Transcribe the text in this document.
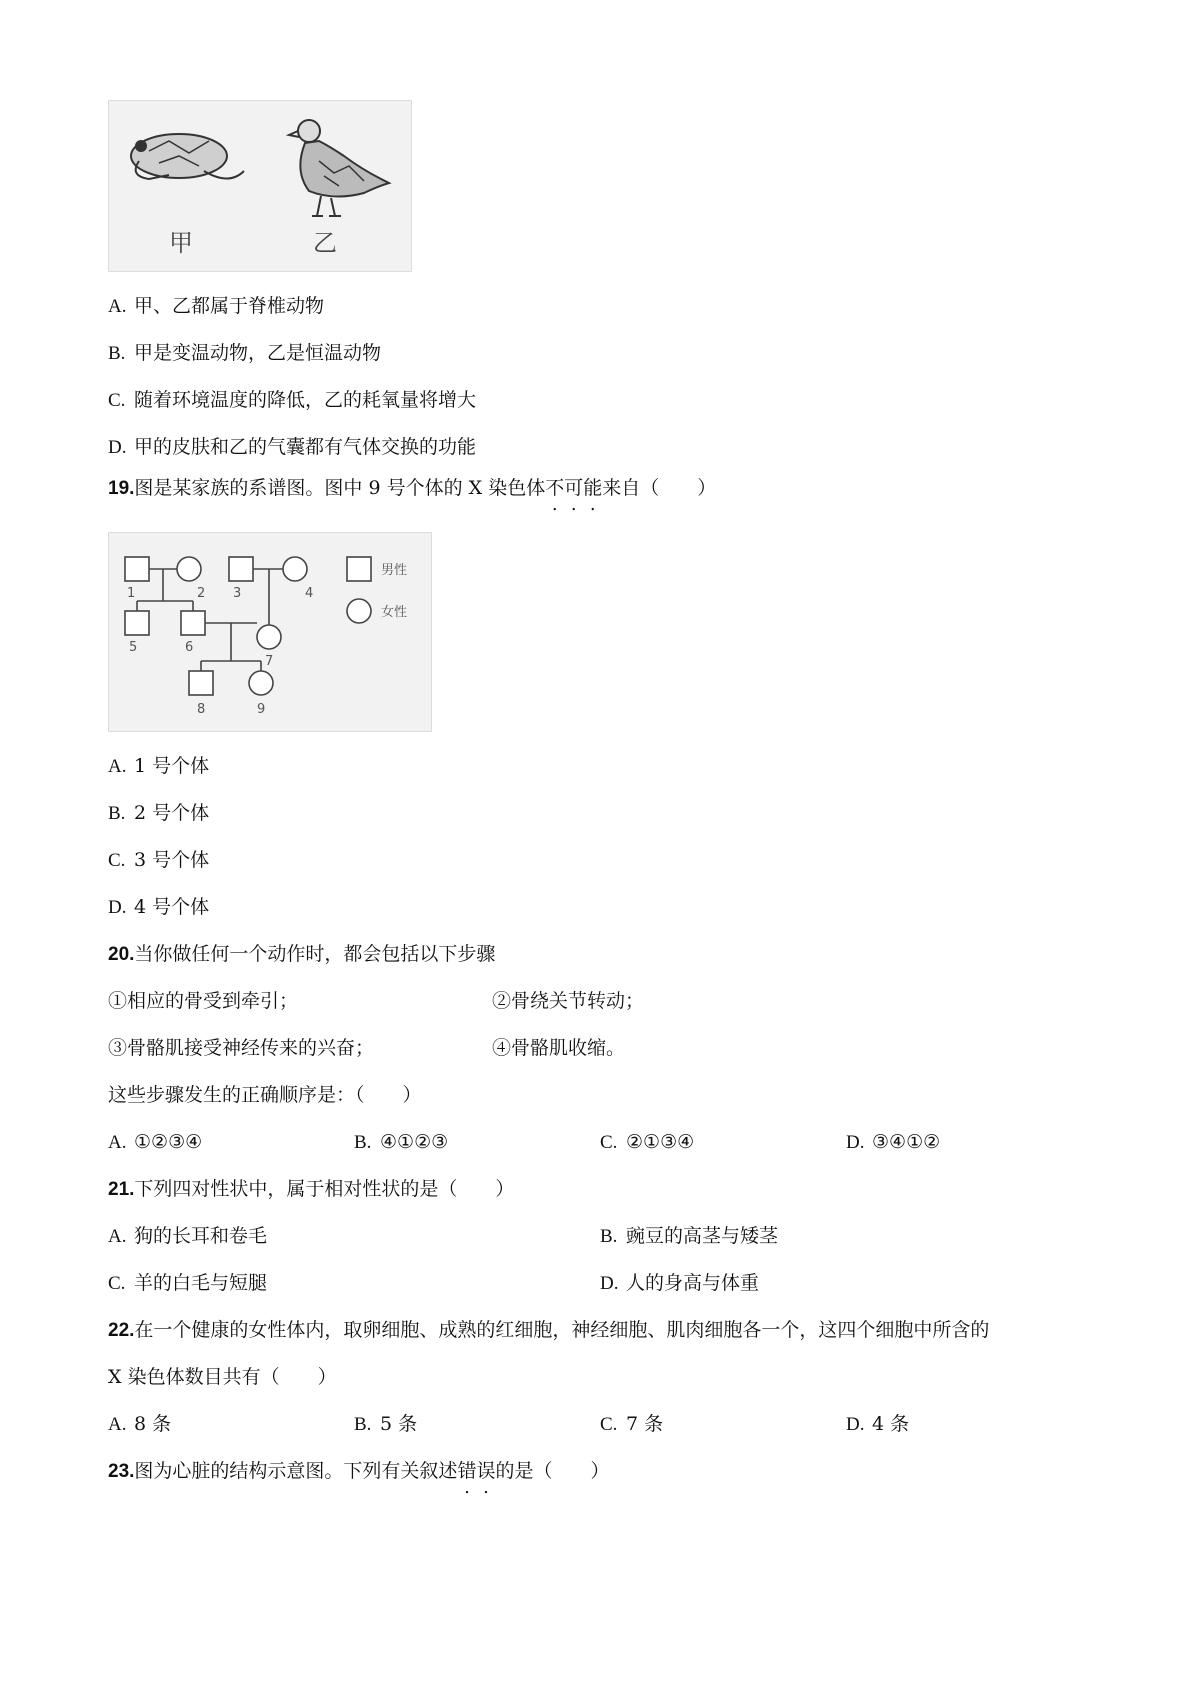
甲	乙
A. 甲、乙都属于脊椎动物
B. 甲是变温动物，乙是恒温动物
C. 随着环境温度的降低，乙的耗氧量将增大
D. 甲的皮肤和乙的气囊都有气体交换的功能
19.图是某家族的系谱图。图中 9 号个体的 X 染色体不可能来自（　　）
1	2 3	4
5	6
7
8	9
男性
女性
A. 1 号个体
B. 2 号个体
C. 3 号个体
D. 4 号个体
20.当你做任何一个动作时，都会包括以下步骤
①相应的骨受到牵引；	②骨绕关节转动；
③骨骼肌接受神经传来的兴奋；	④骨骼肌收缩。
这些步骤发生的正确顺序是：（　　）
A. ①②③④	B. ④①②③	C. ②①③④	D. ③④①②
21.下列四对性状中，属于相对性状的是（　　）
A. 狗的长耳和卷毛	B. 豌豆的高茎与矮茎
C. 羊的白毛与短腿	D. 人的身高与体重
22.在一个健康的女性体内，取卵细胞、成熟的红细胞，神经细胞、肌肉细胞各一个，这四个细胞中所含的
X 染色体数目共有（　　）
A. 8 条	B. 5 条	C. 7 条	D. 4 条
23.图为心脏的结构示意图。下列有关叙述错误的是（　　）
